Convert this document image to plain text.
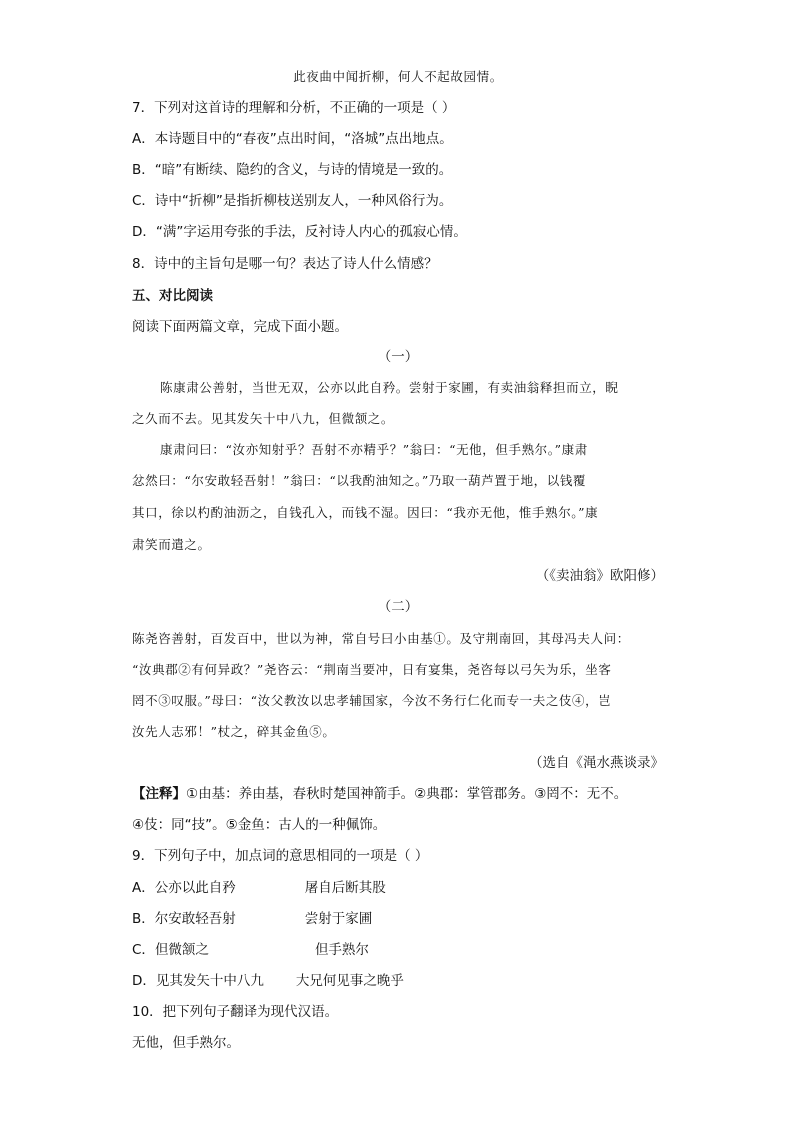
此夜曲中闻折柳，何人不起故园情。
7．下列对这首诗的理解和分析，不正确的一项是（ ）
A．本诗题目中的“春夜”点出时间，“洛城”点出地点。
B．“暗”有断续、隐约的含义，与诗的情境是一致的。
C．诗中“折柳”是指折柳枝送别友人，一种风俗行为。
D．“满”字运用夸张的手法，反衬诗人内心的孤寂心情。
8．诗中的主旨句是哪一句？表达了诗人什么情感？
五、对比阅读
阅读下面两篇文章，完成下面小题。
（一）
陈康肃公善射，当世无双，公亦以此自矜。尝射于家圃，有卖油翁释担而立，睨
之久而不去。见其发矢十中八九，但微颔之。
康肃问曰：“汝亦知射乎？吾射不亦精乎？”翁曰：“无他，但手熟尔。”康肃
忿然曰：“尔安敢轻吾射！”翁曰：“以我酌油知之。”乃取一葫芦置于地，以钱覆
其口，徐以杓酌油沥之，自钱孔入，而钱不湿。因曰：“我亦无他，惟手熟尔。”康
肃笑而遣之。
（《卖油翁》欧阳修）
（二）
陈尧咨善射，百发百中，世以为神，常自号曰小由基①。及守荆南回，其母冯夫人问：
“汝典郡②有何异政？”尧咨云：“荆南当要冲，日有宴集，尧咨每以弓矢为乐，坐客
罔不③叹服。”母曰：“汝父教汝以忠孝辅国家，今汝不务行仁化而专一夫之伎④，岂
汝先人志邪！”杖之，碎其金鱼⑤。
（选自《渑水燕谈录》
【注释】①由基：养由基，春秋时楚国神箭手。②典郡：掌管郡务。③罔不：无不。
④伎：同“技”。⑤金鱼：古人的一种佩饰。
9．下列句子中，加点词的意思相同的一项是（ ）
A．公亦以此自矜	屠自后断其股
B．尔安敢轻吾射	尝射于家圃
C．但微颔之	但手熟尔
D．见其发矢十中八九 大兄何见事之晚乎
10．把下列句子翻译为现代汉语。
无他，但手熟尔。
